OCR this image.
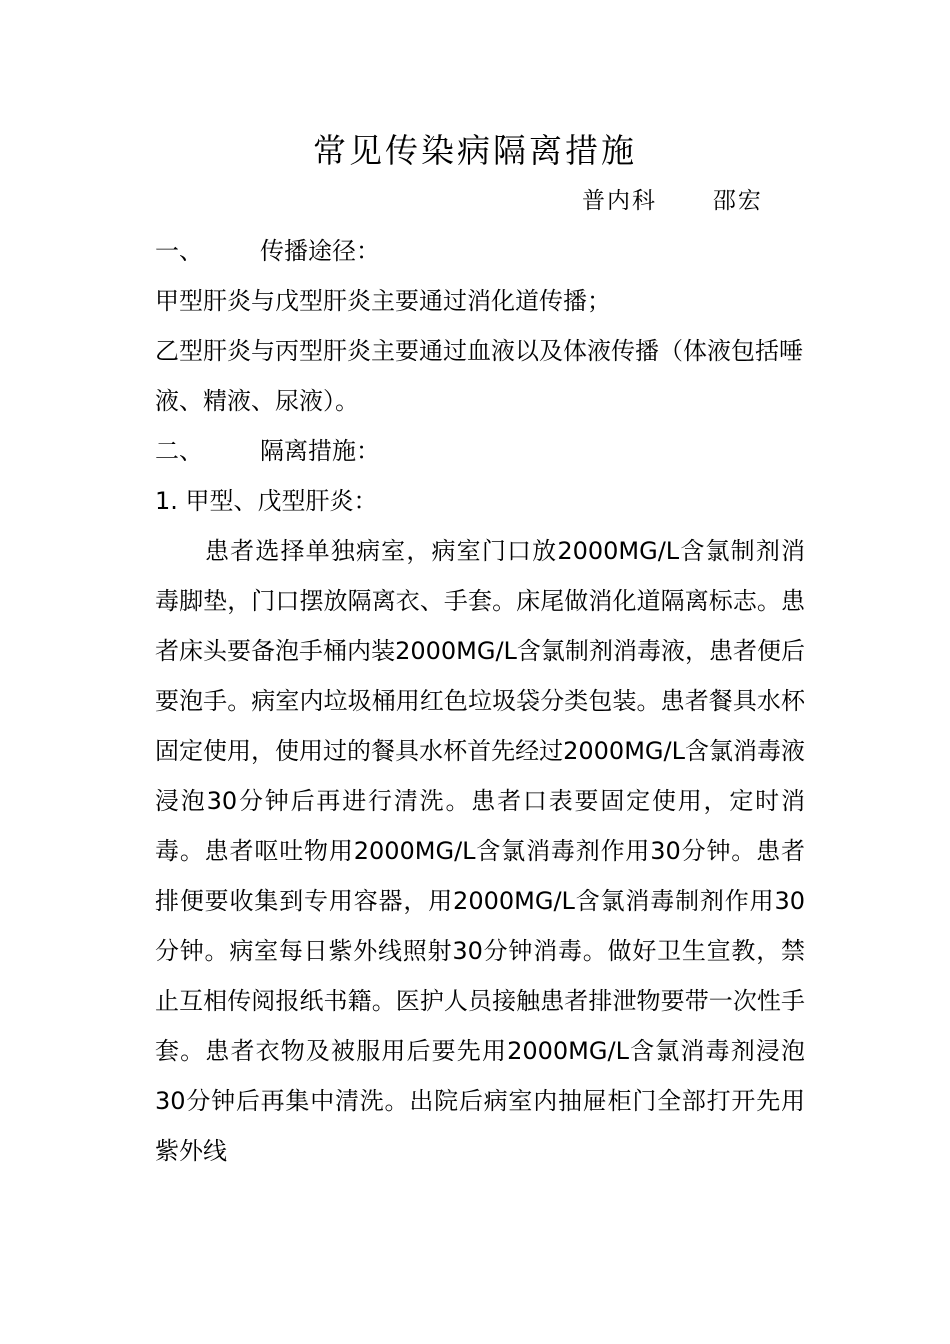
常见传染病隔离措施
普内科      邵宏
一、 传播途径：
甲型肝炎与戊型肝炎主要通过消化道传播；

乙型肝炎与丙型肝炎主要通过血液以及体液传播（体液包括唾液、精液、尿液）。

二、 隔离措施：
1. 甲型、戊型肝炎：

患者选择单独病室，病室门口放2000MG/L含氯制剂消毒脚垫，门口摆放隔离衣、手套。床尾做消化道隔离标志。患者床头要备泡手桶内装2000MG/L含氯制剂消毒液，患者便后要泡手。病室内垃圾桶用红色垃圾袋分类包装。患者餐具水杯固定使用，使用过的餐具水杯首先经过2000MG/L含氯消毒液浸泡30分钟后再进行清洗。患者口表要固定使用，定时消毒。患者呕吐物用2000MG/L含氯消毒剂作用30分钟。患者排便要收集到专用容器，用2000MG/L含氯消毒制剂作用30分钟。病室每日紫外线照射30分钟消毒。做好卫生宣教，禁止互相传阅报纸书籍。医护人员接触患者排泄物要带一次性手套。患者衣物及被服用后要先用2000MG/L含氯消毒剂浸泡30分钟后再集中清洗。出院后病室内抽屉柜门全部打开先用紫外线
